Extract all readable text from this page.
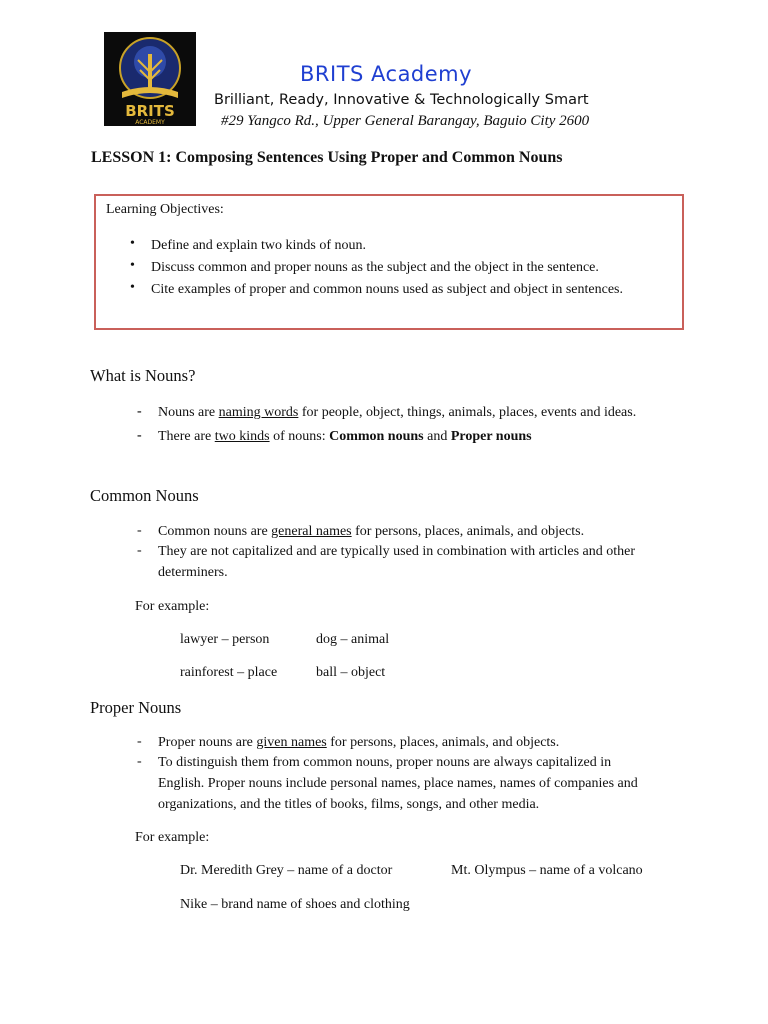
BRITS
ACADEMY
BRITS Academy
Brilliant, Ready, Innovative & Technologically Smart
#29 Yangco Rd., Upper General Barangay, Baguio City 2600
LESSON 1: Composing Sentences Using Proper and Common Nouns
Learning Objectives:
• Define and explain two kinds of noun.
• Discuss common and proper nouns as the subject and the object in the sentence.
• Cite examples of proper and common nouns used as subject and object in sentences.
What is Nouns?
- Nouns are naming words for people, object, things, animals, places, events and ideas.
- There are two kinds of nouns: Common nouns and Proper nouns
Common Nouns
- Common nouns are general names for persons, places, animals, and objects.
- They are not capitalized and are typically used in combination with articles and other
determiners.
For example:
lawyer – person	dog – animal
rainforest – place	ball – object
Proper Nouns
- Proper nouns are given names for persons, places, animals, and objects.
- To distinguish them from common nouns, proper nouns are always capitalized in
English. Proper nouns include personal names, place names, names of companies and
organizations, and the titles of books, films, songs, and other media.
For example:
Dr. Meredith Grey – name of a doctor	Mt. Olympus – name of a volcano
Nike – brand name of shoes and clothing
